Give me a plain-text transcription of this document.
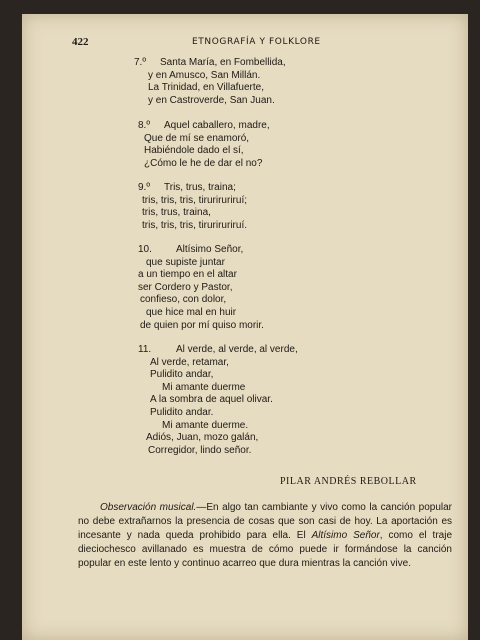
422	ETNOGRAFÍA Y FOLKLORE
7.º Santa María, en Fombellida,
y en Amusco, San Millán.
La Trinidad, en Villafuerte,
y en Castroverde, San Juan.
8.º Aquel caballero, madre,
Que de mí se enamoró,
Habiéndole dado el sí,
¿Cómo le he de dar el no?
9.º Tris, trus, traina;
tris, tris, tris, tiruriruriruí;
tris, trus, traina,
tris, tris, tris, tiruriruriruí.
10. Altísimo Señor,
que supiste juntar
a un tiempo en el altar
ser Cordero y Pastor,
confieso, con dolor,
que hice mal en huir
de quien por mí quiso morir.
11. Al verde, al verde, al verde,
Al verde, retamar,
Pulidito andar,
Mi amante duerme
A la sombra de aquel olivar.
Pulidito andar.
Mi amante duerme.
Adiós, Juan, mozo galán,
Corregidor, lindo señor.
PILAR ANDRÉS REBOLLAR

Observación musical.—En algo tan cambiante y vivo como la canción popular no debe extrañarnos la presencia de cosas que son casi de hoy. La aportación es incesante y nada queda prohibido para ella. El Altísimo Señor, como el traje dieciochesco avillanado es muestra de cómo puede ir formándose la canción popular en este lento y continuo acarreo que dura mientras la canción vive.
